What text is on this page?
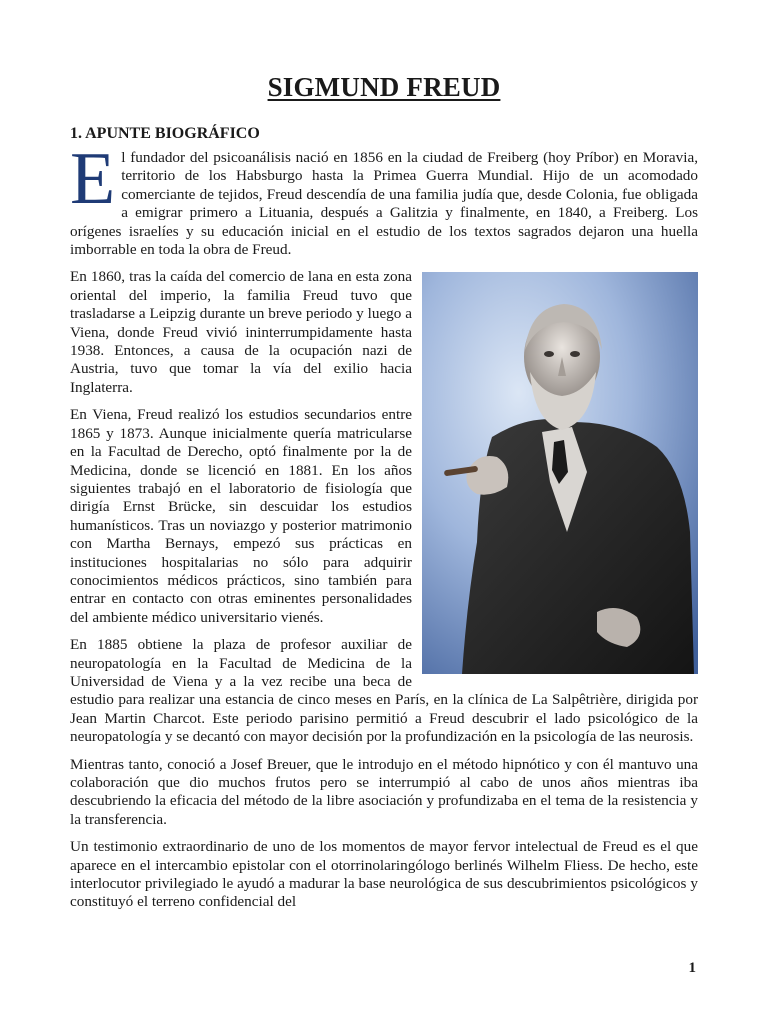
SIGMUND FREUD
1. APUNTE BIOGRÁFICO

El fundador del psicoanálisis nació en 1856 en la ciudad de Freiberg (hoy Príbor) en Moravia, territorio de los Habsburgo hasta la Primea Guerra Mundial. Hijo de un acomodado comerciante de tejidos, Freud descendía de una familia judía que, desde Colonia, fue obligada a emigrar primero a Lituania, después a Galitzia y finalmente, en 1840, a Freiberg. Los orígenes israelíes y su educación inicial en el estudio de los textos sagrados dejaron una huella imborrable en toda la obra de Freud.

En 1860, tras la caída del comercio de lana en esta zona oriental del imperio, la familia Freud tuvo que trasladarse a Leipzig durante un breve periodo y luego a Viena, donde Freud vivió ininterrumpidamente hasta 1938. Entonces, a causa de la ocupación nazi de Austria, tuvo que tomar la vía del exilio hacia Inglaterra.

En Viena, Freud realizó los estudios secundarios entre 1865 y 1873. Aunque inicialmente quería matricularse en la Facultad de Derecho, optó finalmente por la de Medicina, donde se licenció en 1881. En los años siguientes trabajó en el laboratorio de fisiología que dirigía Ernst Brücke, sin descuidar los estudios humanísticos. Tras un noviazgo y posterior matrimonio con Martha Bernays, empezó sus prácticas en instituciones hospitalarias no sólo para adquirir conocimientos médicos prácticos, sino también para entrar en contacto con otras eminentes personalidades del ambiente médico universitario vienés.

En 1885 obtiene la plaza de profesor auxiliar de neuropatología en la Facultad de Medicina de la Universidad de Viena y a la vez recibe una beca de estudio para realizar una estancia de cinco meses en París, en la clínica de La Salpêtrière, dirigida por Jean Martin Charcot. Este periodo parisino permitió a Freud descubrir el lado psicológico de la neuropatología y se decantó con mayor decisión por la profundización en la psicología de las neurosis.

Mientras tanto, conoció a Josef Breuer, que le introdujo en el método hipnótico y con él mantuvo una colaboración que dio muchos frutos pero se interrumpió al cabo de unos años mientras iba descubriendo la eficacia del método de la libre asociación y profundizaba en el tema de la resistencia y la transferencia.

Un testimonio extraordinario de uno de los momentos de mayor fervor intelectual de Freud es el que aparece en el intercambio epistolar con el otorrinolaringólogo berlinés Wilhelm Fliess. De hecho, este interlocutor privilegiado le ayudó a madurar la base neurológica de sus descubrimientos psicológicos y constituyó el terreno confidencial del

1
